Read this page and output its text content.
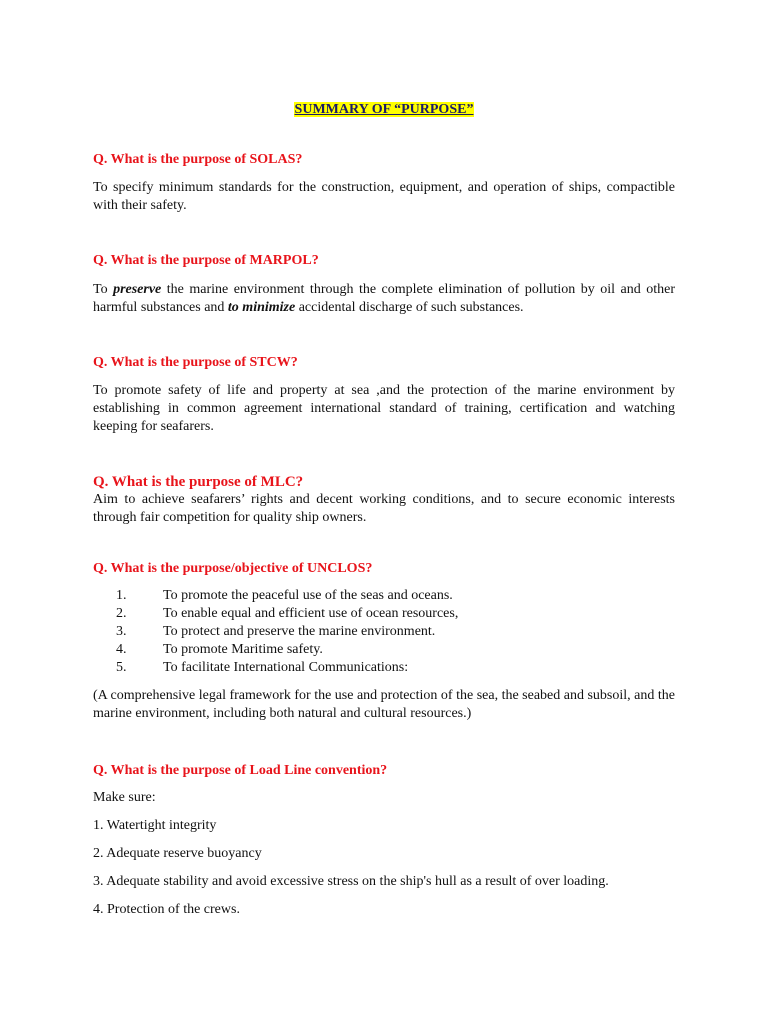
SUMMARY OF “PURPOSE”

Q. What is the purpose of SOLAS?

To specify minimum standards for the construction, equipment, and operation of ships, compactible with their safety.

Q. What is the purpose of MARPOL?

To preserve the marine environment through the complete elimination of pollution by oil and other harmful substances and to minimize accidental discharge of such substances.

Q. What is the purpose of STCW?

To promote safety of life and property at sea ,and the protection of the marine environment by establishing in common agreement international standard of training, certification and watching keeping for seafarers.

Q. What is the purpose of MLC?

Aim to achieve seafarers’ rights and decent working conditions, and to secure economic interests through fair competition for quality ship owners.

Q. What is the purpose/objective of UNCLOS?

1.	To promote the peaceful use of the seas and oceans.
2.	To enable equal and efficient use of ocean resources,
3.	To protect and preserve the marine environment.
4.	To promote Maritime safety.
5.	To facilitate International Communications:

(A comprehensive legal framework for the use and protection of the sea, the seabed and subsoil, and the marine environment, including both natural and cultural resources.)

Q. What is the purpose of Load Line convention?

Make sure:

1. Watertight integrity

2. Adequate reserve buoyancy

3. Adequate stability and avoid excessive stress on the ship's hull as a result of over loading.

4. Protection of the crews.
